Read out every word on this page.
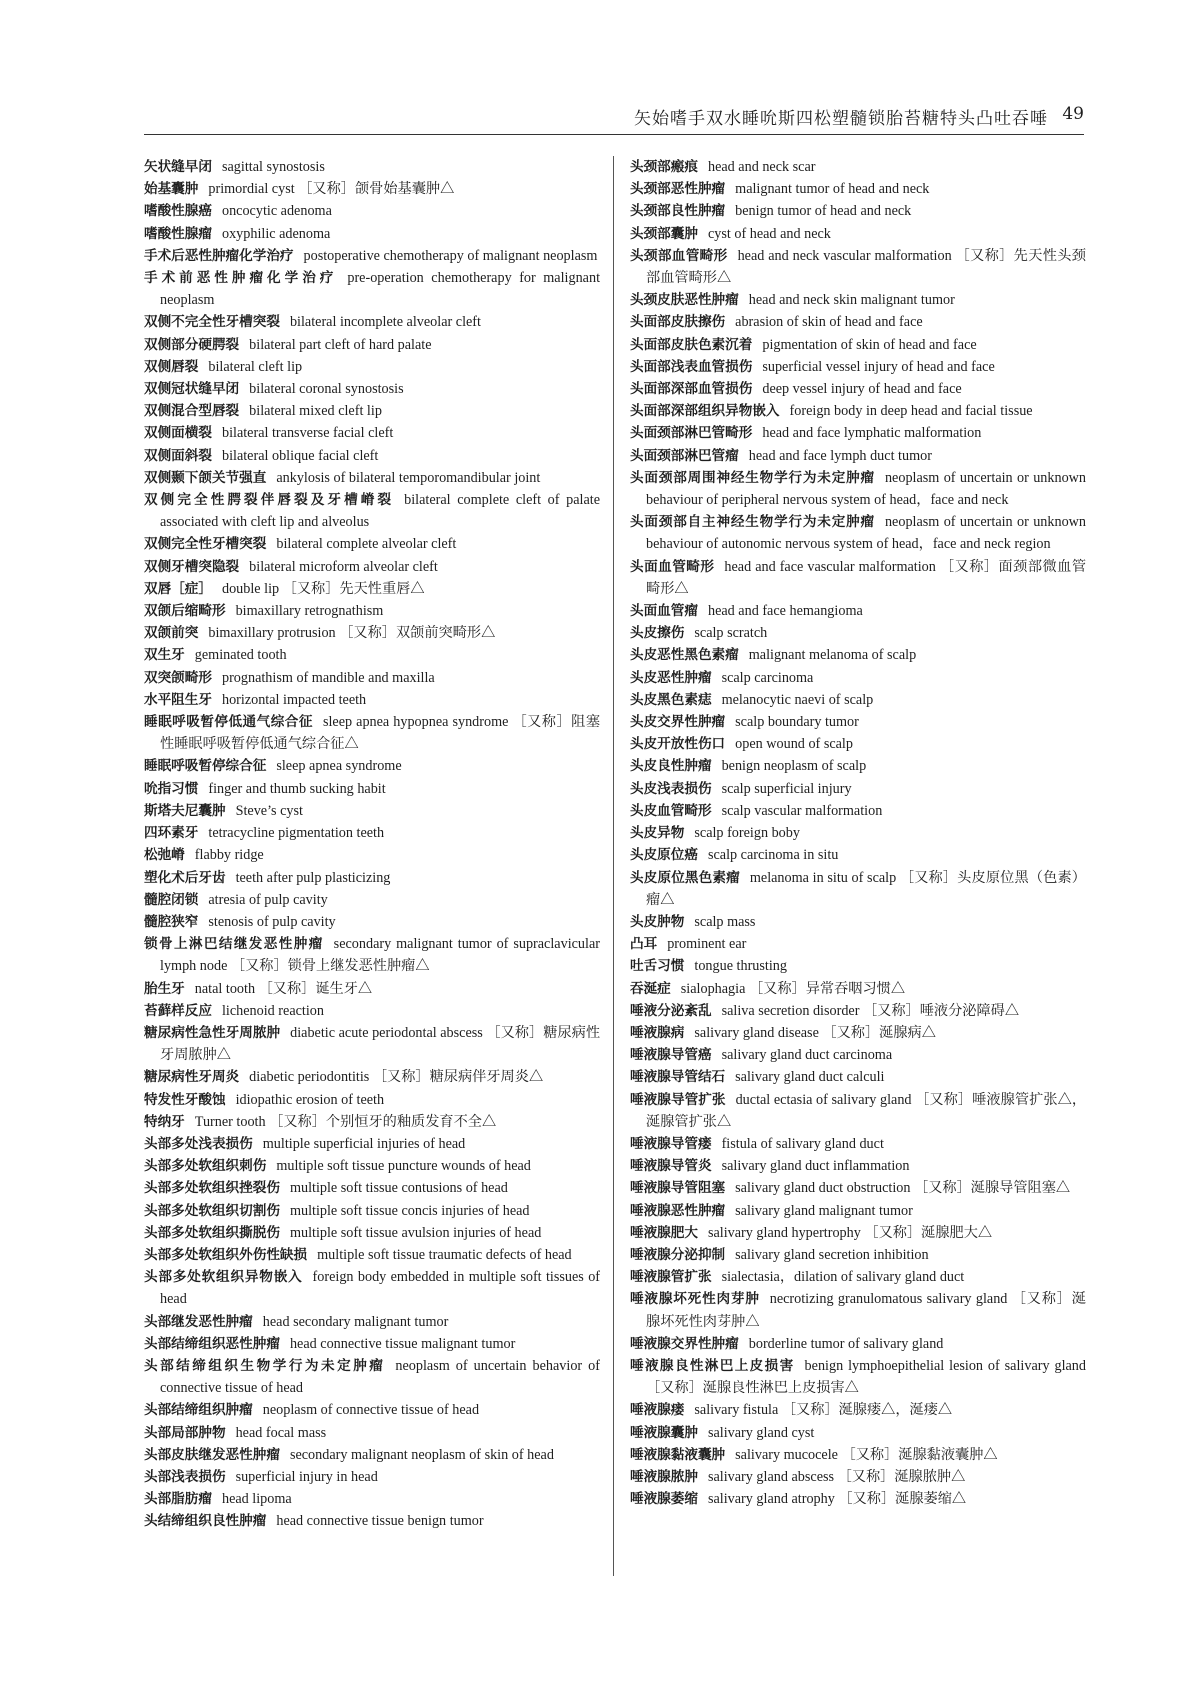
矢始嗜手双水睡吮斯四松塑髓锁胎苔糖特头凸吐吞唾 49
矢状缝早闭 sagittal synostosis
始基囊肿 primordial cyst ［又称］颌骨始基囊肿△
嗜酸性腺癌 oncocytic adenoma
嗜酸性腺瘤 oxyphilic adenoma
手术后恶性肿瘤化学治疗 postoperative chemotherapy of malignant neoplasm
手术前恶性肿瘤化学治疗 pre-operation chemotherapy for malignant neoplasm
双侧不完全性牙槽突裂 bilateral incomplete alveolar cleft
双侧部分硬腭裂 bilateral part cleft of hard palate
双侧唇裂 bilateral cleft lip
双侧冠状缝早闭 bilateral coronal synostosis
双侧混合型唇裂 bilateral mixed cleft lip
双侧面横裂 bilateral transverse facial cleft
双侧面斜裂 bilateral oblique facial cleft
双侧颞下颌关节强直 ankylosis of bilateral temporomandibular joint
双侧完全性腭裂伴唇裂及牙槽嵴裂 bilateral complete cleft of palate associated with cleft lip and alveolus
双侧完全性牙槽突裂 bilateral complete alveolar cleft
双侧牙槽突隐裂 bilateral microform alveolar cleft
双唇［症］ double lip ［又称］先天性重唇△
双颌后缩畸形 bimaxillary retrognathism
双颌前突 bimaxillary protrusion ［又称］双颌前突畸形△
双生牙 geminated tooth
双突颌畸形 prognathism of mandible and maxilla
水平阻生牙 horizontal impacted teeth
睡眠呼吸暂停低通气综合征 sleep apnea hypopnea syndrome ［又称］阻塞性睡眠呼吸暂停低通气综合征△
睡眠呼吸暂停综合征 sleep apnea syndrome
吮指习惯 finger and thumb sucking habit
斯塔夫尼囊肿 Steve’s cyst
四环素牙 tetracycline pigmentation teeth
松弛嵴 flabby ridge
塑化术后牙齿 teeth after pulp plasticizing
髓腔闭锁 atresia of pulp cavity
髓腔狭窄 stenosis of pulp cavity
锁骨上淋巴结继发恶性肿瘤 secondary malignant tumor of supraclavicular lymph node ［又称］锁骨上继发恶性肿瘤△
胎生牙 natal tooth ［又称］诞生牙△
苔藓样反应 lichenoid reaction
糖尿病性急性牙周脓肿 diabetic acute periodontal abscess ［又称］糖尿病性牙周脓肿△
糖尿病性牙周炎 diabetic periodontitis ［又称］糖尿病伴牙周炎△
特发性牙酸蚀 idiopathic erosion of teeth
特纳牙 Turner tooth ［又称］个别恒牙的釉质发育不全△
头部多处浅表损伤 multiple superficial injuries of head
头部多处软组织刺伤 multiple soft tissue puncture wounds of head
头部多处软组织挫裂伤 multiple soft tissue contusions of head
头部多处软组织切割伤 multiple soft tissue concis injuries of head
头部多处软组织撕脱伤 multiple soft tissue avulsion injuries of head
头部多处软组织外伤性缺损 multiple soft tissue traumatic defects of head
头部多处软组织异物嵌入 foreign body embedded in multiple soft tissues of head
头部继发恶性肿瘤 head secondary malignant tumor
头部结缔组织恶性肿瘤 head connective tissue malignant tumor
头部结缔组织生物学行为未定肿瘤 neoplasm of uncertain behavior of connective tissue of head
头部结缔组织肿瘤 neoplasm of connective tissue of head
头部局部肿物 head focal mass
头部皮肤继发恶性肿瘤 secondary malignant neoplasm of skin of head
头部浅表损伤 superficial injury in head
头部脂肪瘤 head lipoma
头结缔组织良性肿瘤 head connective tissue benign tumor
头颈部瘢痕 head and neck scar
头颈部恶性肿瘤 malignant tumor of head and neck
头颈部良性肿瘤 benign tumor of head and neck
头颈部囊肿 cyst of head and neck
头颈部血管畸形 head and neck vascular malformation ［又称］先天性头颈部血管畸形△
头颈皮肤恶性肿瘤 head and neck skin malignant tumor
头面部皮肤擦伤 abrasion of skin of head and face
头面部皮肤色素沉着 pigmentation of skin of head and face
头面部浅表血管损伤 superficial vessel injury of head and face
头面部深部血管损伤 deep vessel injury of head and face
头面部深部组织异物嵌入 foreign body in deep head and facial tissue
头面颈部淋巴管畸形 head and face lymphatic malformation
头面颈部淋巴管瘤 head and face lymph duct tumor
头面颈部周围神经生物学行为未定肿瘤 neoplasm of uncertain or unknown behaviour of peripheral nervous system of head，face and neck
头面颈部自主神经生物学行为未定肿瘤 neoplasm of uncertain or unknown behaviour of autonomic nervous system of head，face and neck region
头面血管畸形 head and face vascular malformation ［又称］面颈部微血管畸形△
头面血管瘤 head and face hemangioma
头皮擦伤 scalp scratch
头皮恶性黑色素瘤 malignant melanoma of scalp
头皮恶性肿瘤 scalp carcinoma
头皮黑色素痣 melanocytic naevi of scalp
头皮交界性肿瘤 scalp boundary tumor
头皮开放性伤口 open wound of scalp
头皮良性肿瘤 benign neoplasm of scalp
头皮浅表损伤 scalp superficial injury
头皮血管畸形 scalp vascular malformation
头皮异物 scalp foreign boby
头皮原位癌 scalp carcinoma in situ
头皮原位黑色素瘤 melanoma in situ of scalp ［又称］头皮原位黑（色素）瘤△
头皮肿物 scalp mass
凸耳 prominent ear
吐舌习惯 tongue thrusting
吞涎症 sialophagia ［又称］异常吞咽习惯△
唾液分泌紊乱 saliva secretion disorder ［又称］唾液分泌障碍△
唾液腺病 salivary gland disease ［又称］涎腺病△
唾液腺导管癌 salivary gland duct carcinoma
唾液腺导管结石 salivary gland duct calculi
唾液腺导管扩张 ductal ectasia of salivary gland ［又称］唾液腺管扩张△，涎腺管扩张△
唾液腺导管瘘 fistula of salivary gland duct
唾液腺导管炎 salivary gland duct inflammation
唾液腺导管阻塞 salivary gland duct obstruction ［又称］涎腺导管阻塞△
唾液腺恶性肿瘤 salivary gland malignant tumor
唾液腺肥大 salivary gland hypertrophy ［又称］涎腺肥大△
唾液腺分泌抑制 salivary gland secretion inhibition
唾液腺管扩张 sialectasia，dilation of salivary gland duct
唾液腺坏死性肉芽肿 necrotizing granulomatous salivary gland ［又称］涎腺坏死性肉芽肿△
唾液腺交界性肿瘤 borderline tumor of salivary gland
唾液腺良性淋巴上皮损害 benign lymphoepithelial lesion of salivary gland ［又称］涎腺良性淋巴上皮损害△
唾液腺瘘 salivary fistula ［又称］涎腺瘘△，涎瘘△
唾液腺囊肿 salivary gland cyst
唾液腺黏液囊肿 salivary mucocele ［又称］涎腺黏液囊肿△
唾液腺脓肿 salivary gland abscess ［又称］涎腺脓肿△
唾液腺萎缩 salivary gland atrophy ［又称］涎腺萎缩△
